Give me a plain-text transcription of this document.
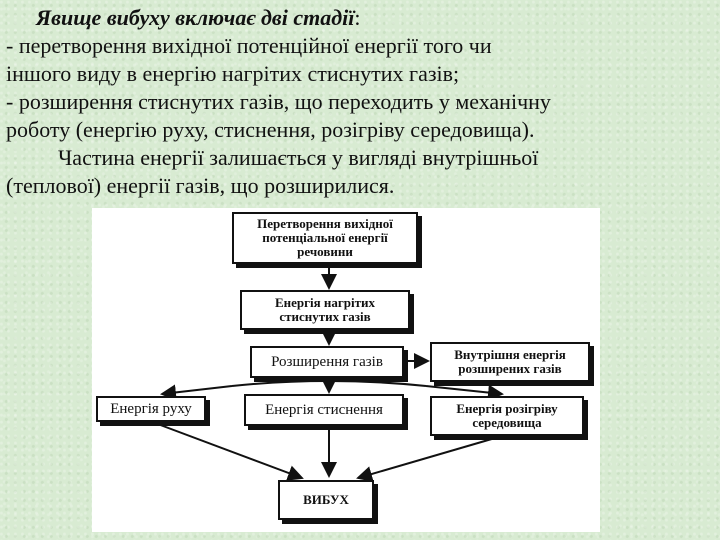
Явище вибуху включає дві стадії:

- перетворення вихідної потенційної енергії того чи

іншого виду в енергію нагрітих стиснутих газів;

- розширення стиснутих газів, що переходить у механічну

роботу (енергію руху, стиснення, розігріву середовища).

Частина енергії залишається у вигляді внутрішньої

(теплової) енергії газів, що розширилися.

Перетворення вихідної потенціальної енергії речовини
Енергія нагрітих стиснутих газів
Розширення газів	Внутрішня енергія розширених газів
Енергія руху	Енергія стиснення	Енергія розігріву середовища
ВИБУХ
